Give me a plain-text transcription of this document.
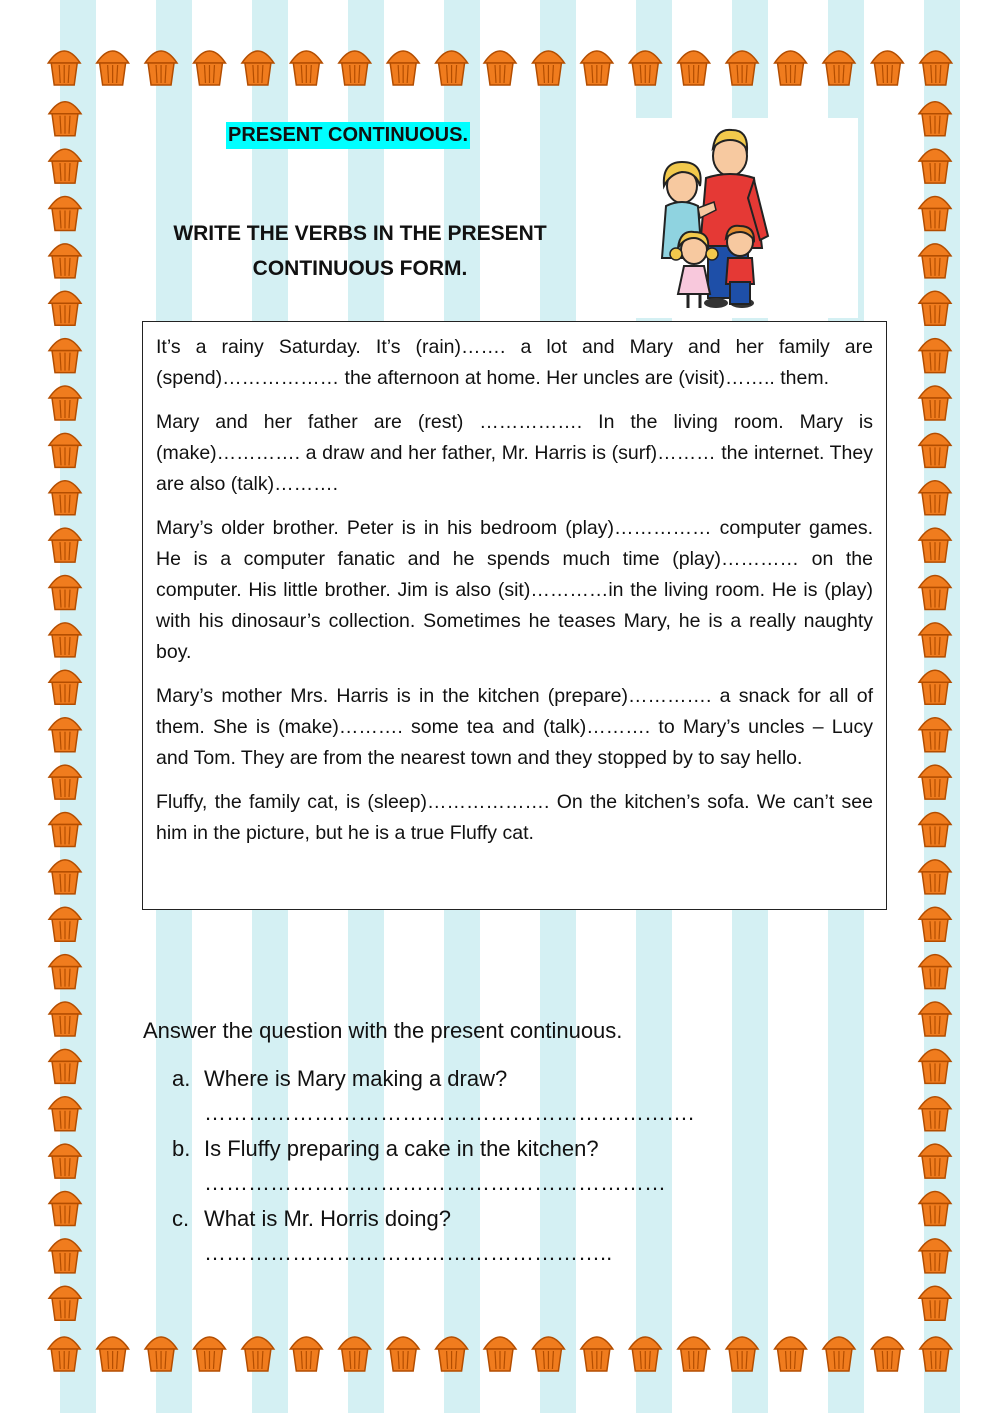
PRESENT CONTINUOUS.
WRITE THE VERBS IN THE PRESENT CONTINUOUS FORM.

It’s a rainy Saturday. It’s (rain)……. a lot and Mary and her family are (spend)……………… the afternoon at home. Her uncles are (visit)…….. them.

Mary and her father are (rest) ……………. In the living room. Mary is (make)…………. a draw and her father, Mr. Harris is (surf)……… the internet. They are also (talk)……….

Mary’s older brother. Peter is in his bedroom (play)…………… computer games. He is a computer fanatic and he spends much time (play)………… on the computer. His little brother. Jim is also (sit)…………in the living room. He is (play) with his dinosaur’s collection. Sometimes he teases Mary, he is a really naughty boy.

Mary’s mother Mrs. Harris is in the kitchen (prepare)…………. a snack for all of them. She is (make)………. some tea and (talk)………. to Mary’s uncles – Lucy and Tom. They are from the nearest town and they stopped by to say hello.

Fluffy, the family cat, is (sleep)………………. On the kitchen’s sofa. We can’t see him in the picture, but he is a true Fluffy cat.

Answer the question with the present continuous.
a. Where is Mary making a draw?
………………………………………………………….
b. Is Fluffy preparing a cake in the kitchen?
………………………………………………………
c. What is Mr. Horris doing?
………………………………………………..
